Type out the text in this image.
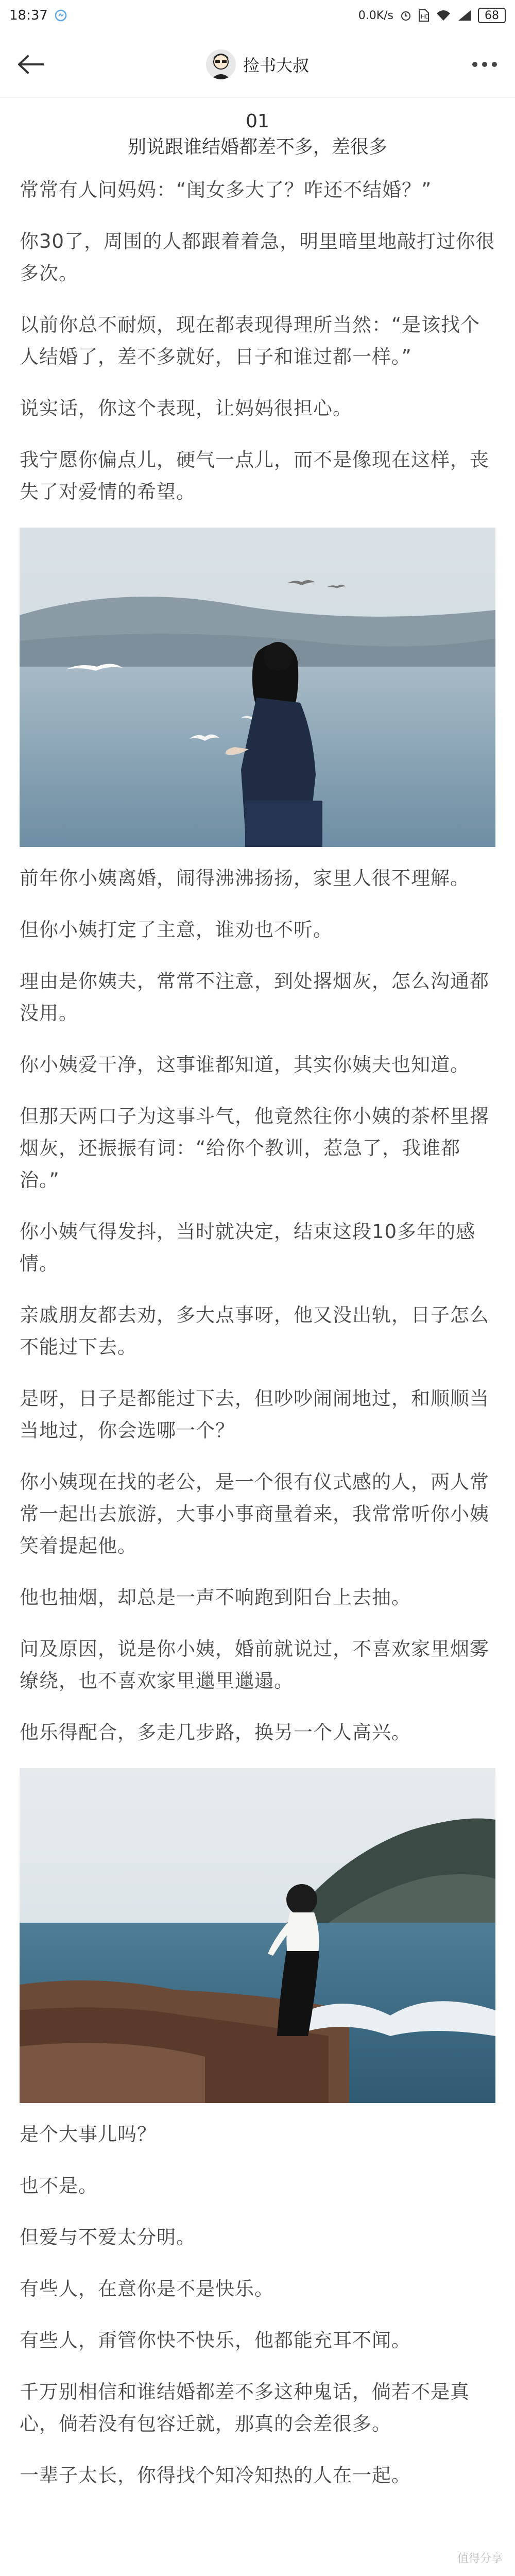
18:37	0.0K/s	HD	68
捡书大叔
01
别说跟谁结婚都差不多，差很多

常常有人问妈妈：“闺女多大了？咋还不结婚？”

你30了，周围的人都跟着着急，明里暗里地敲打过你很多次。

以前你总不耐烦，现在都表现得理所当然：“是该找个人结婚了，差不多就好，日子和谁过都一样。”

说实话，你这个表现，让妈妈很担心。

我宁愿你偏点儿，硬气一点儿，而不是像现在这样，丧失了对爱情的希望。

前年你小姨离婚，闹得沸沸扬扬，家里人很不理解。

但你小姨打定了主意，谁劝也不听。

理由是你姨夫，常常不注意，到处撂烟灰，怎么沟通都没用。

你小姨爱干净，这事谁都知道，其实你姨夫也知道。

但那天两口子为这事斗气，他竟然往你小姨的茶杯里撂烟灰，还振振有词：“给你个教训，惹急了，我谁都治。”

你小姨气得发抖，当时就决定，结束这段10多年的感情。

亲戚朋友都去劝，多大点事呀，他又没出轨，日子怎么不能过下去。

是呀，日子是都能过下去，但吵吵闹闹地过，和顺顺当当地过，你会选哪一个？

你小姨现在找的老公，是一个很有仪式感的人，两人常常一起出去旅游，大事小事商量着来，我常常听你小姨笑着提起他。

他也抽烟，却总是一声不响跑到阳台上去抽。

问及原因，说是你小姨，婚前就说过，不喜欢家里烟雾缭绕，也不喜欢家里邋里邋遢。

他乐得配合，多走几步路，换另一个人高兴。

是个大事儿吗？

也不是。

但爱与不爱太分明。

有些人，在意你是不是快乐。

有些人，甭管你快不快乐，他都能充耳不闻。

千万别相信和谁结婚都差不多这种鬼话，倘若不是真心，倘若没有包容迁就，那真的会差很多。

一辈子太长，你得找个知冷知热的人在一起。

值得分享
